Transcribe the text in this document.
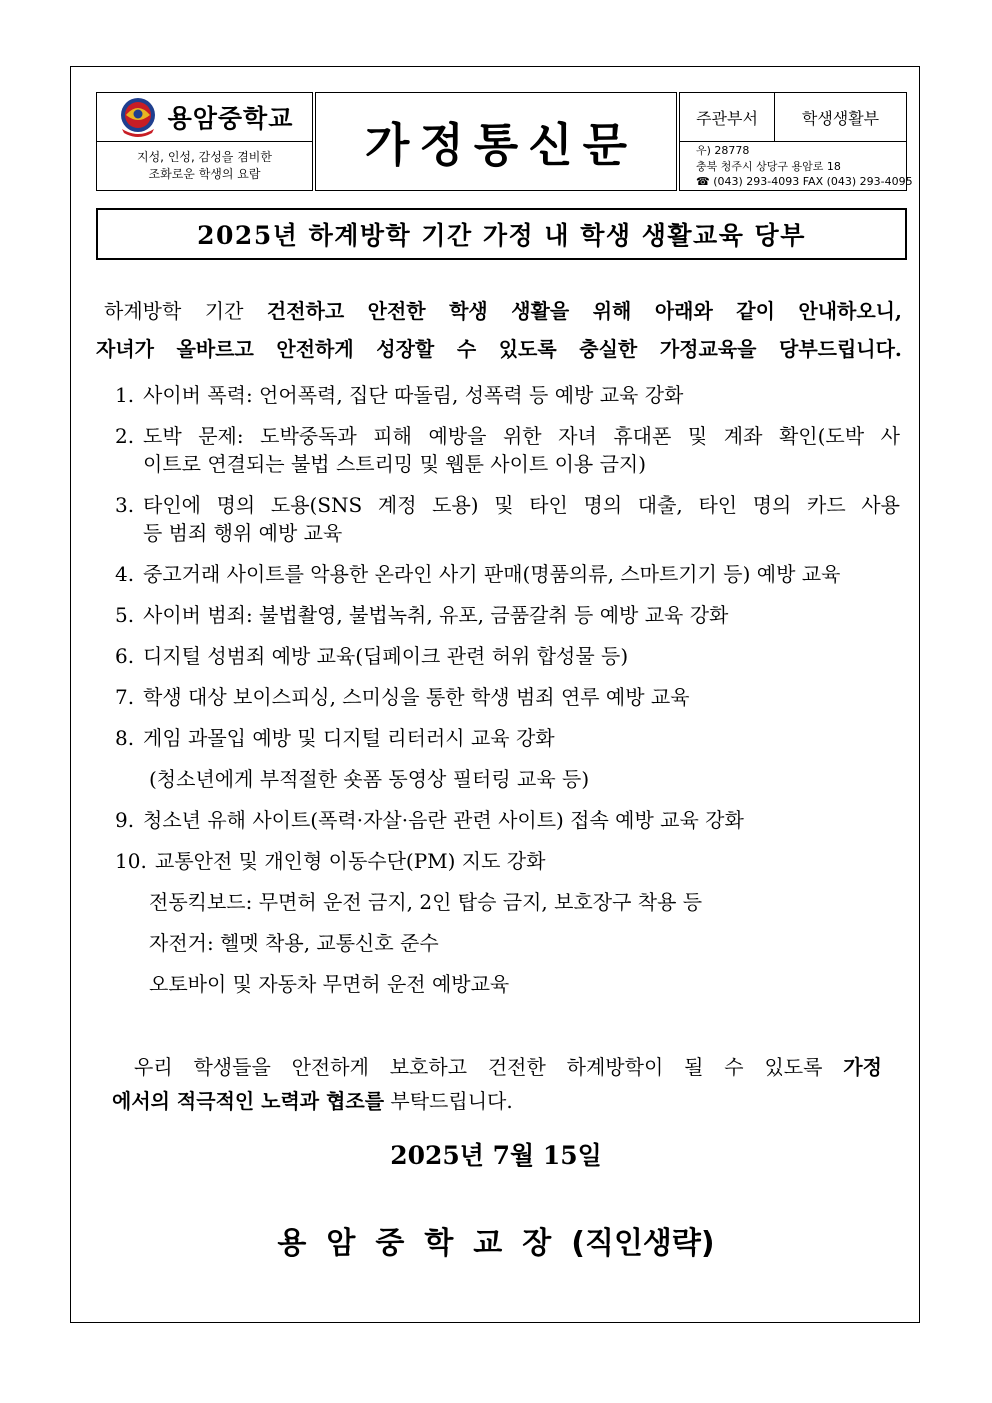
용암중학교
지성, 인성, 감성을 겸비한
조화로운 학생의 요람
가정통신문	주관부서	학생생활부
우) 28778
충북 청주시 상당구 용암로 18
☎ (043) 293-4093 FAX (043) 293-4095
2025년 하계방학 기간 가정 내 학생 생활교육 당부
하계방학 기간 건전하고 안전한 학생 생활을 위해 아래와 같이 안내하오니,
자녀가 올바르고 안전하게 성장할 수 있도록 충실한 가정교육을 당부드립니다.
1. 사이버 폭력: 언어폭력, 집단 따돌림, 성폭력 등 예방 교육 강화
2. 도박 문제: 도박중독과 피해 예방을 위한 자녀 휴대폰 및 계좌 확인(도박 사
이트로 연결되는 불법 스트리밍 및 웹툰 사이트 이용 금지)
3. 타인에 명의 도용(SNS 계정 도용) 및 타인 명의 대출, 타인 명의 카드 사용
등 범죄 행위 예방 교육
4. 중고거래 사이트를 악용한 온라인 사기 판매(명품의류, 스마트기기 등) 예방 교육
5. 사이버 범죄: 불법촬영, 불법녹취, 유포, 금품갈취 등 예방 교육 강화
6. 디지털 성범죄 예방 교육(딥페이크 관련 허위 합성물 등)
7. 학생 대상 보이스피싱, 스미싱을 통한 학생 범죄 연루 예방 교육
8. 게임 과몰입 예방 및 디지털 리터러시 교육 강화
(청소년에게 부적절한 숏폼 동영상 필터링 교육 등)
9. 청소년 유해 사이트(폭력·자살·음란 관련 사이트) 접속 예방 교육 강화
10. 교통안전 및 개인형 이동수단(PM) 지도 강화
전동킥보드: 무면허 운전 금지, 2인 탑승 금지, 보호장구 착용 등
자전거: 헬멧 착용, 교통신호 준수
오토바이 및 자동차 무면허 운전 예방교육
우리 학생들을 안전하게 보호하고 건전한 하계방학이 될 수 있도록 가정
에서의 적극적인 노력과 협조를 부탁드립니다.
2025년 7월 15일
용암중학교장(직인생략)
